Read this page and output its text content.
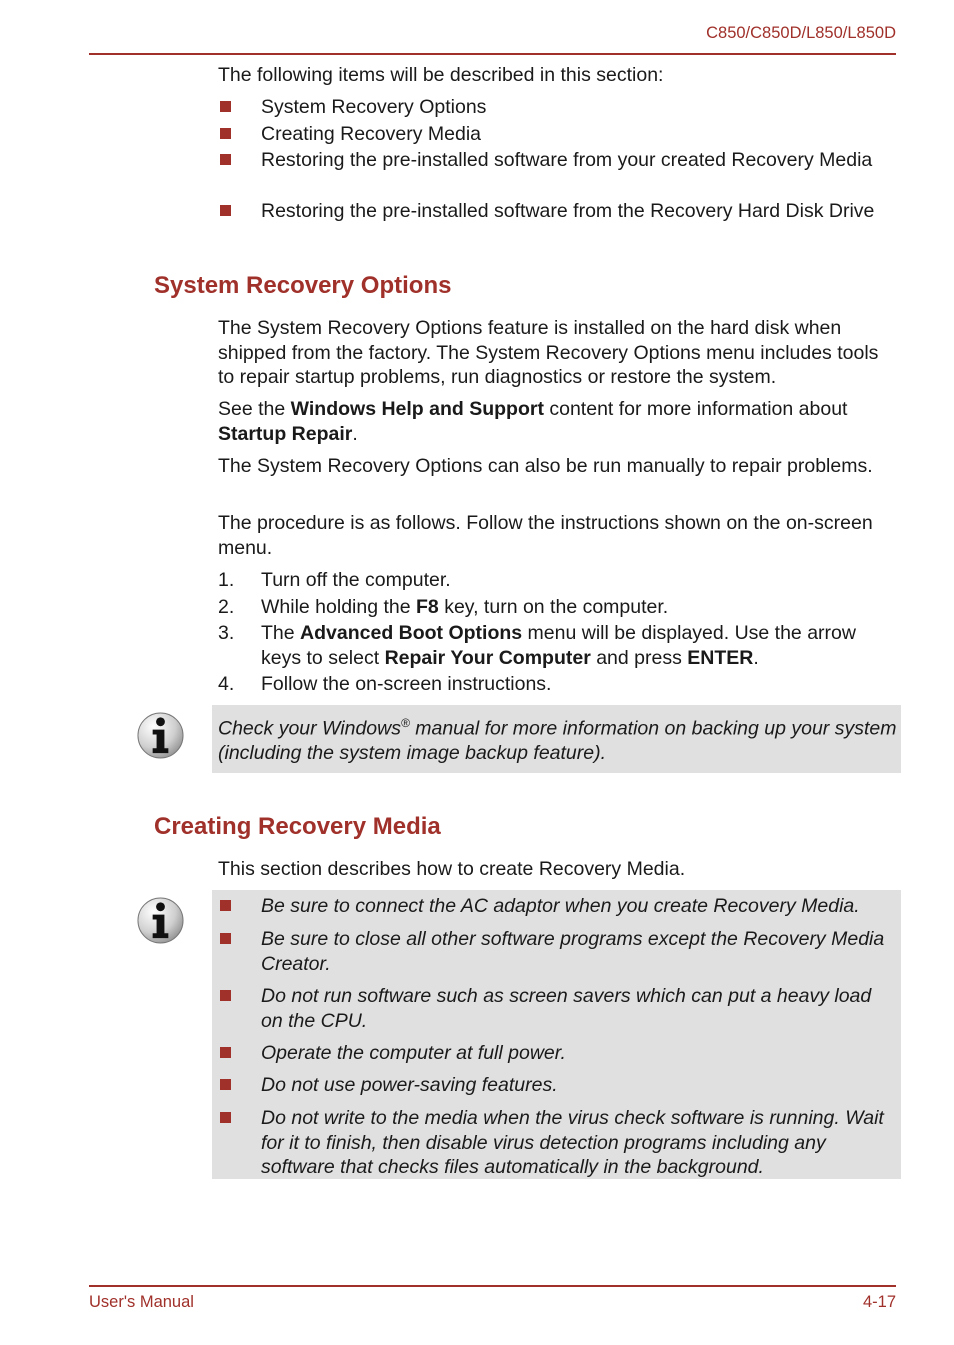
C850/C850D/L850/L850D
The following items will be described in this section:
System Recovery Options
Creating Recovery Media
Restoring the pre-installed software from your created Recovery Media
Restoring the pre-installed software from the Recovery Hard Disk Drive
System Recovery Options
The System Recovery Options feature is installed on the hard disk when shipped from the factory. The System Recovery Options menu includes tools to repair startup problems, run diagnostics or restore the system.
See the Windows Help and Support content for more information about Startup Repair.
The System Recovery Options can also be run manually to repair problems.
The procedure is as follows. Follow the instructions shown on the on-screen menu.
1. Turn off the computer.
2. While holding the F8 key, turn on the computer.
3. The Advanced Boot Options menu will be displayed. Use the arrow keys to select Repair Your Computer and press ENTER.
4. Follow the on-screen instructions.
Check your Windows® manual for more information on backing up your system (including the system image backup feature).
Creating Recovery Media
This section describes how to create Recovery Media.
Be sure to connect the AC adaptor when you create Recovery Media.
Be sure to close all other software programs except the Recovery Media Creator.
Do not run software such as screen savers which can put a heavy load on the CPU.
Operate the computer at full power.
Do not use power-saving features.
Do not write to the media when the virus check software is running. Wait for it to finish, then disable virus detection programs including any software that checks files automatically in the background.
User's Manual	4-17
